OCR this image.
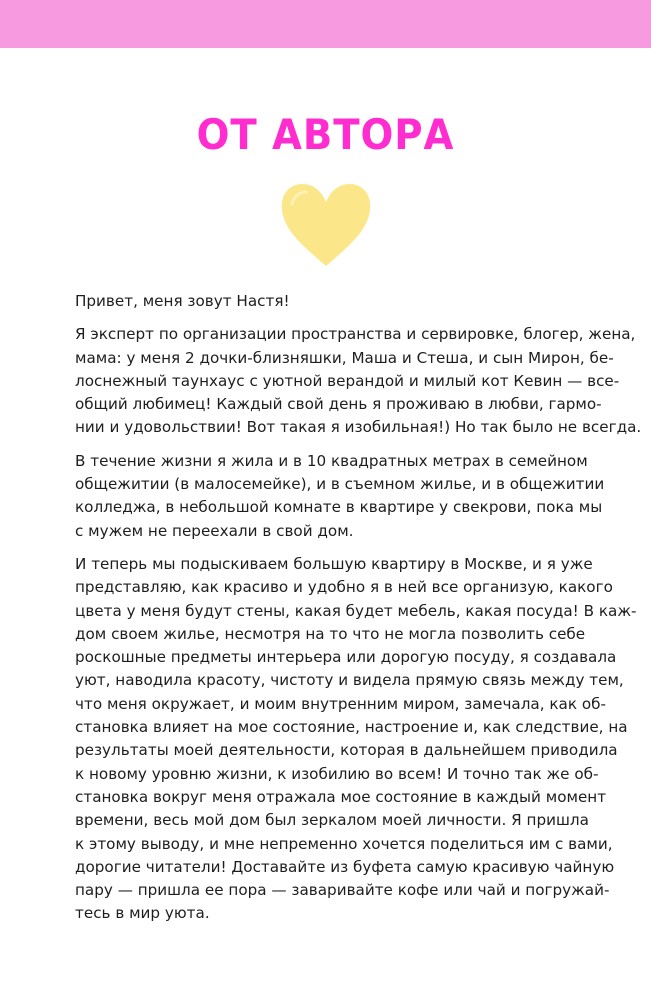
ОТ АВТОРА

Привет, меня зовут Настя!

Я эксперт по организации пространства и сервировке, блогер, жена,
мама: у меня 2 дочки-близняшки, Маша и Стеша, и сын Мирон, бе-
лоснежный таунхаус с уютной верандой и милый кот Кевин — все-
общий любимец! Каждый свой день я проживаю в любви, гармо-
нии и удовольствии! Вот такая я изобильная!) Но так было не всегда.

В течение жизни я жила и в 10 квадратных метрах в семейном
общежитии (в малосемейке), и в съемном жилье, и в общежитии
колледжа, в небольшой комнате в квартире у свекрови, пока мы
с мужем не переехали в свой дом.

И теперь мы подыскиваем большую квартиру в Москве, и я уже
представляю, как красиво и удобно я в ней все организую, какого
цвета у меня будут стены, какая будет мебель, какая посуда! В каж-
дом своем жилье, несмотря на то что не могла позволить себе
роскошные предметы интерьера или дорогую посуду, я создавала
уют, наводила красоту, чистоту и видела прямую связь между тем,
что меня окружает, и моим внутренним миром, замечала, как об-
становка влияет на мое состояние, настроение и, как следствие, на
результаты моей деятельности, которая в дальнейшем приводила
к новому уровню жизни, к изобилию во всем! И точно так же об-
становка вокруг меня отражала мое состояние в каждый момент
времени, весь мой дом был зеркалом моей личности. Я пришла
к этому выводу, и мне непременно хочется поделиться им с вами,
дорогие читатели! Доставайте из буфета самую красивую чайную
пару — пришла ее пора — заваривайте кофе или чай и погружай-
тесь в мир уюта.
